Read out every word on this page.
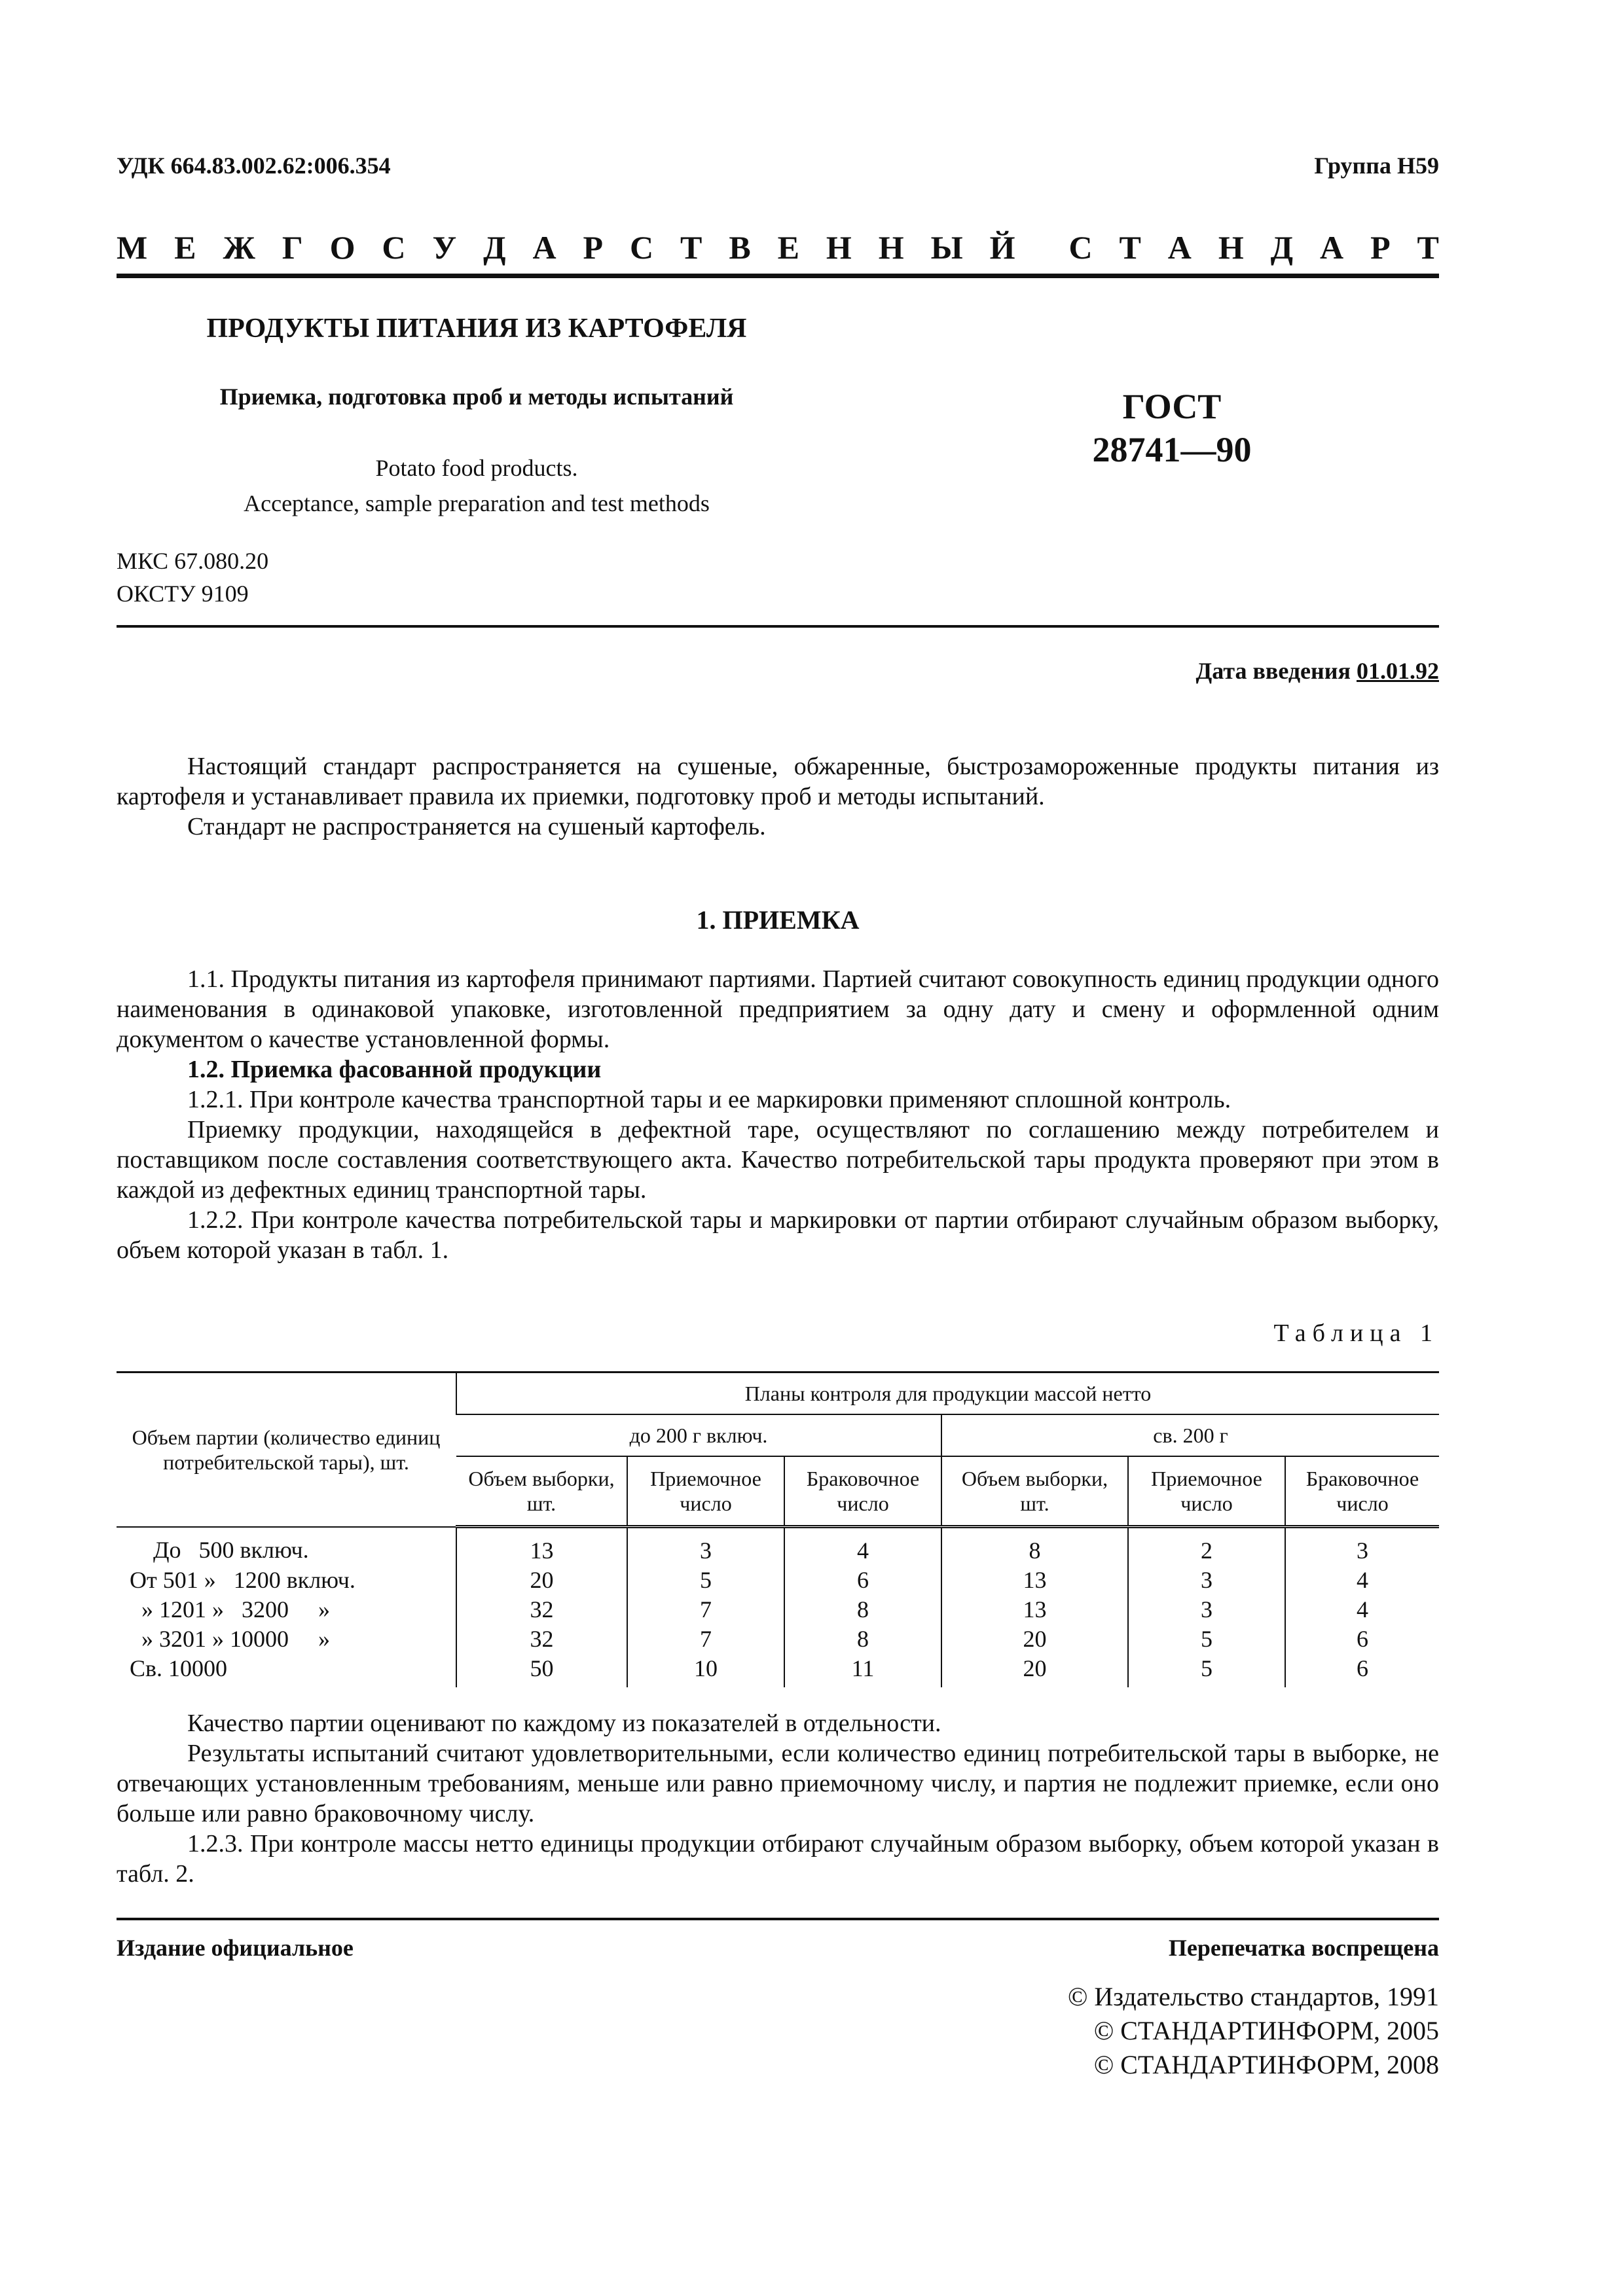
УДК 664.83.002.62:006.354	Группа Н59
М Е Ж Г О С У Д А Р С Т В Е Н Н Ы Й С Т А Н Д А Р Т
ПРОДУКТЫ ПИТАНИЯ ИЗ КАРТОФЕЛЯ
Приемка, подготовка проб и методы испытаний	ГОСТ
28741—90
Potato food products.
Acceptance, sample preparation and test methods
МКС 67.080.20
ОКСТУ 9109
Дата введения 01.01.92

Настоящий стандарт распространяется на сушеные, обжаренные, быстрозамороженные продукты питания из картофеля и устанавливает правила их приемки, подготовку проб и методы испытаний.

Стандарт не распространяется на сушеный картофель.

1. ПРИЕМКА

1.1. Продукты питания из картофеля принимают партиями. Партией считают совокупность единиц продукции одного наименования в одинаковой упаковке, изготовленной предприятием за одну дату и смену и оформленной одним документом о качестве установленной формы.

1.2. Приемка фасованной продукции

1.2.1. При контроле качества транспортной тары и ее маркировки применяют сплошной контроль.

Приемку продукции, находящейся в дефектной таре, осуществляют по соглашению между потребителем и поставщиком после составления соответствующего акта. Качество потребительской тары продукта проверяют при этом в каждой из дефектных единиц транспортной тары.

1.2.2. При контроле качества потребительской тары и маркировки от партии отбирают случайным образом выборку, объем которой указан в табл. 1.

Таблица 1
Объем партии (количество единиц потребительской тары), шт.	Планы контроля для продукции массой нетто					
	до 200 г включ.			св. 200 г		
	Объем выборки, шт.	Приемочное число	Браковочное число	Объем выборки, шт.	Приемочное число	Браковочное число
До   500 включ.	13	3	4	8	2	3
От 501 »   1200 включ.	20	5	6	13	3	4
» 1201 »   3200     »	32	7	8	13	3	4
» 3201 » 10000     »	32	7	8	20	5	6
Св. 10000	50	10	11	20	5	6

Качество партии оценивают по каждому из показателей в отдельности.

Результаты испытаний считают удовлетворительными, если количество единиц потребительской тары в выборке, не отвечающих установленным требованиям, меньше или равно приемочному числу, и партия не подлежит приемке, если оно больше или равно браковочному числу.

1.2.3. При контроле массы нетто единицы продукции отбирают случайным образом выборку, объем которой указан в табл. 2.

Издание официальное	Перепечатка воспрещена
© Издательство стандартов, 1991
© СТАНДАРТИНФОРМ, 2005
© СТАНДАРТИНФОРМ, 2008
